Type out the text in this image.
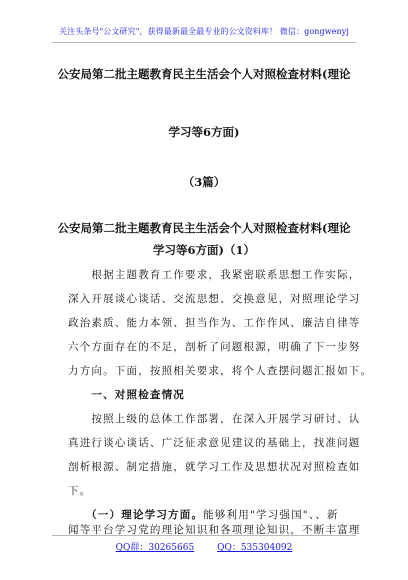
关注头条号"公文研究"，获得最新最全最专业的公文资料库！ 微信：gongwenyj
公安局第二批主题教育民主生活会个人对照检查材料(理论
学习等6方面)
（3篇）
公安局第二批主题教育民主生活会个人对照检查材料(理论
学习等6方面)（1）
　　根据主题教育工作要求，我紧密联系思想工作实际，
深入开展谈心谈话、交流思想、交换意见，对照理论学习
政治素质、能力本领、担当作为、工作作风、廉洁自律等
六个方面存在的不足，剖析了问题根源，明确了下一步努
力方向。下面，按照相关要求，将个人查摆问题汇报如下。
　　一、对照检查情况
　　按照上级的总体工作部署，在深入开展学习研讨、认
真进行谈心谈话、广泛征求意见建议的基础上，找准问题
剖析根源、制定措施，就学习工作及思想状况对照检查如
下。
　　（一）理论学习方面。能够利用"学习强国"、、新
闻等平台学习党的理论知识和各项理论知识，不断丰富理
QQ群：30265665	QQ：535304092
